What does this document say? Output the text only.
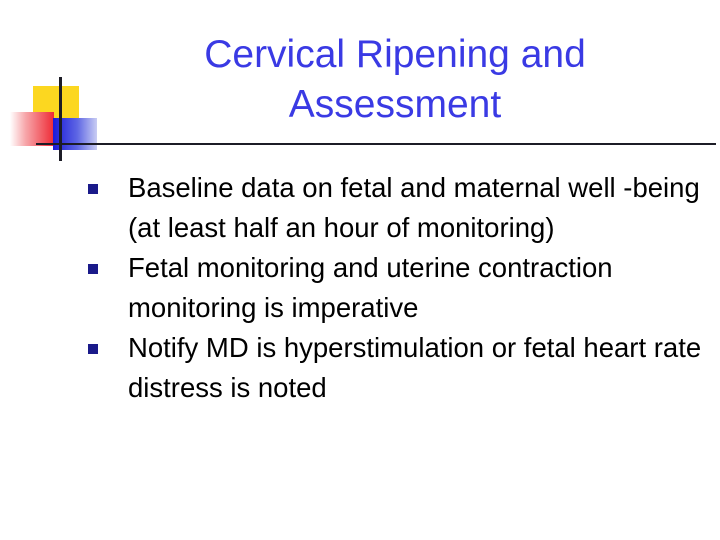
Cervical Ripening and Assessment
Baseline data on fetal and maternal well -being (at least half an hour of monitoring)
Fetal monitoring and uterine contraction monitoring is imperative
Notify MD is hyperstimulation or fetal heart rate distress is noted
